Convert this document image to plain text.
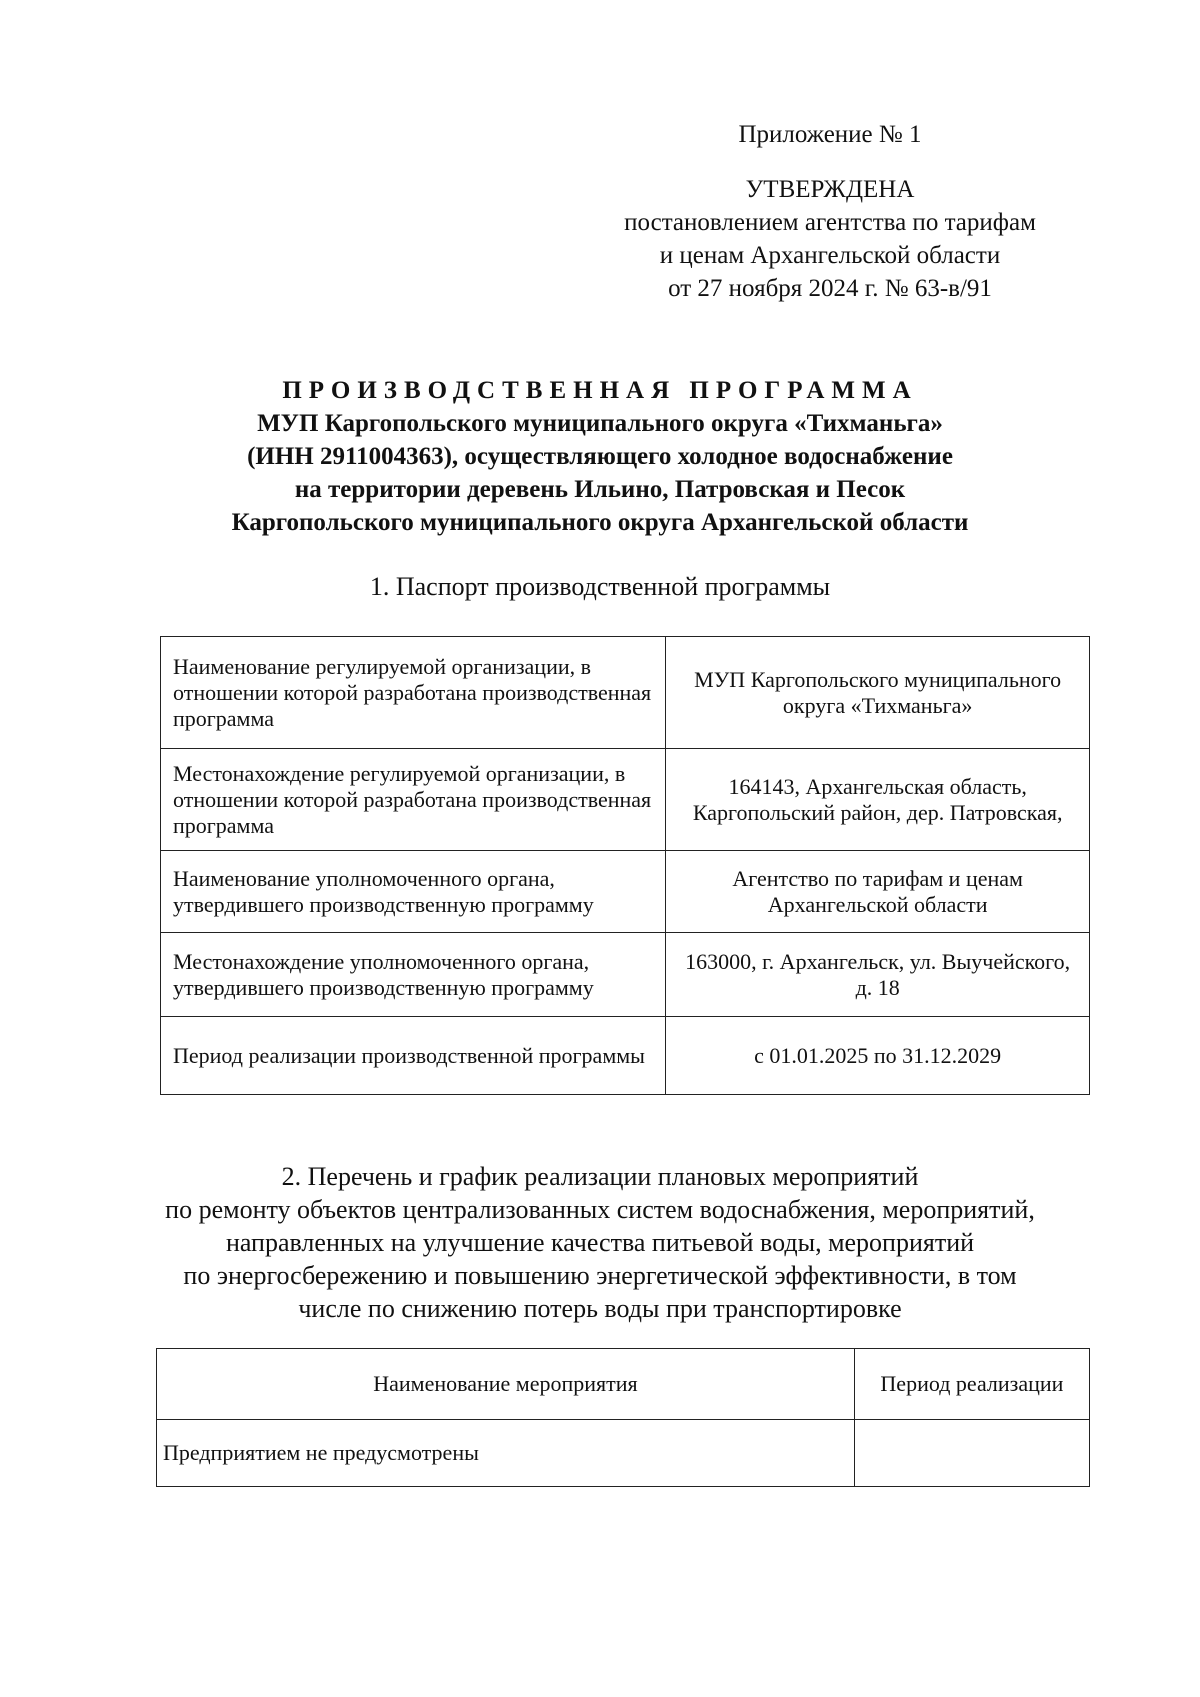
Приложение № 1
УТВЕРЖДЕНА
постановлением агентства по тарифам
и ценам Архангельской области
от 27 ноября 2024 г. № 63-в/91
ПРОИЗВОДСТВЕННАЯ ПРОГРАММА
МУП Каргопольского муниципального округа «Тихманьга»
(ИНН 2911004363), осуществляющего холодное водоснабжение
на территории деревень Ильино, Патровская и Песок
Каргопольского муниципального округа Архангельской области
1. Паспорт производственной программы
Наименование регулируемой организации, в отношении которой разработана производственная программа	МУП Каргопольского муниципального округа «Тихманьга»
Местонахождение регулируемой организации, в отношении которой разработана производственная программа	164143, Архангельская область, Каргопольский район, дер. Патровская,
Наименование уполномоченного органа, утвердившего производственную программу	Агентство по тарифам и ценам Архангельской области
Местонахождение уполномоченного органа, утвердившего производственную программу	163000, г. Архангельск, ул. Выучейского, д. 18
Период реализации производственной программы	с 01.01.2025 по 31.12.2029
2. Перечень и график реализации плановых мероприятий
по ремонту объектов централизованных систем водоснабжения, мероприятий,
направленных на улучшение качества питьевой воды, мероприятий
по энергосбережению и повышению энергетической эффективности, в том
числе по снижению потерь воды при транспортировке
Наименование мероприятия	Период реализации
Предприятием не предусмотрены	
